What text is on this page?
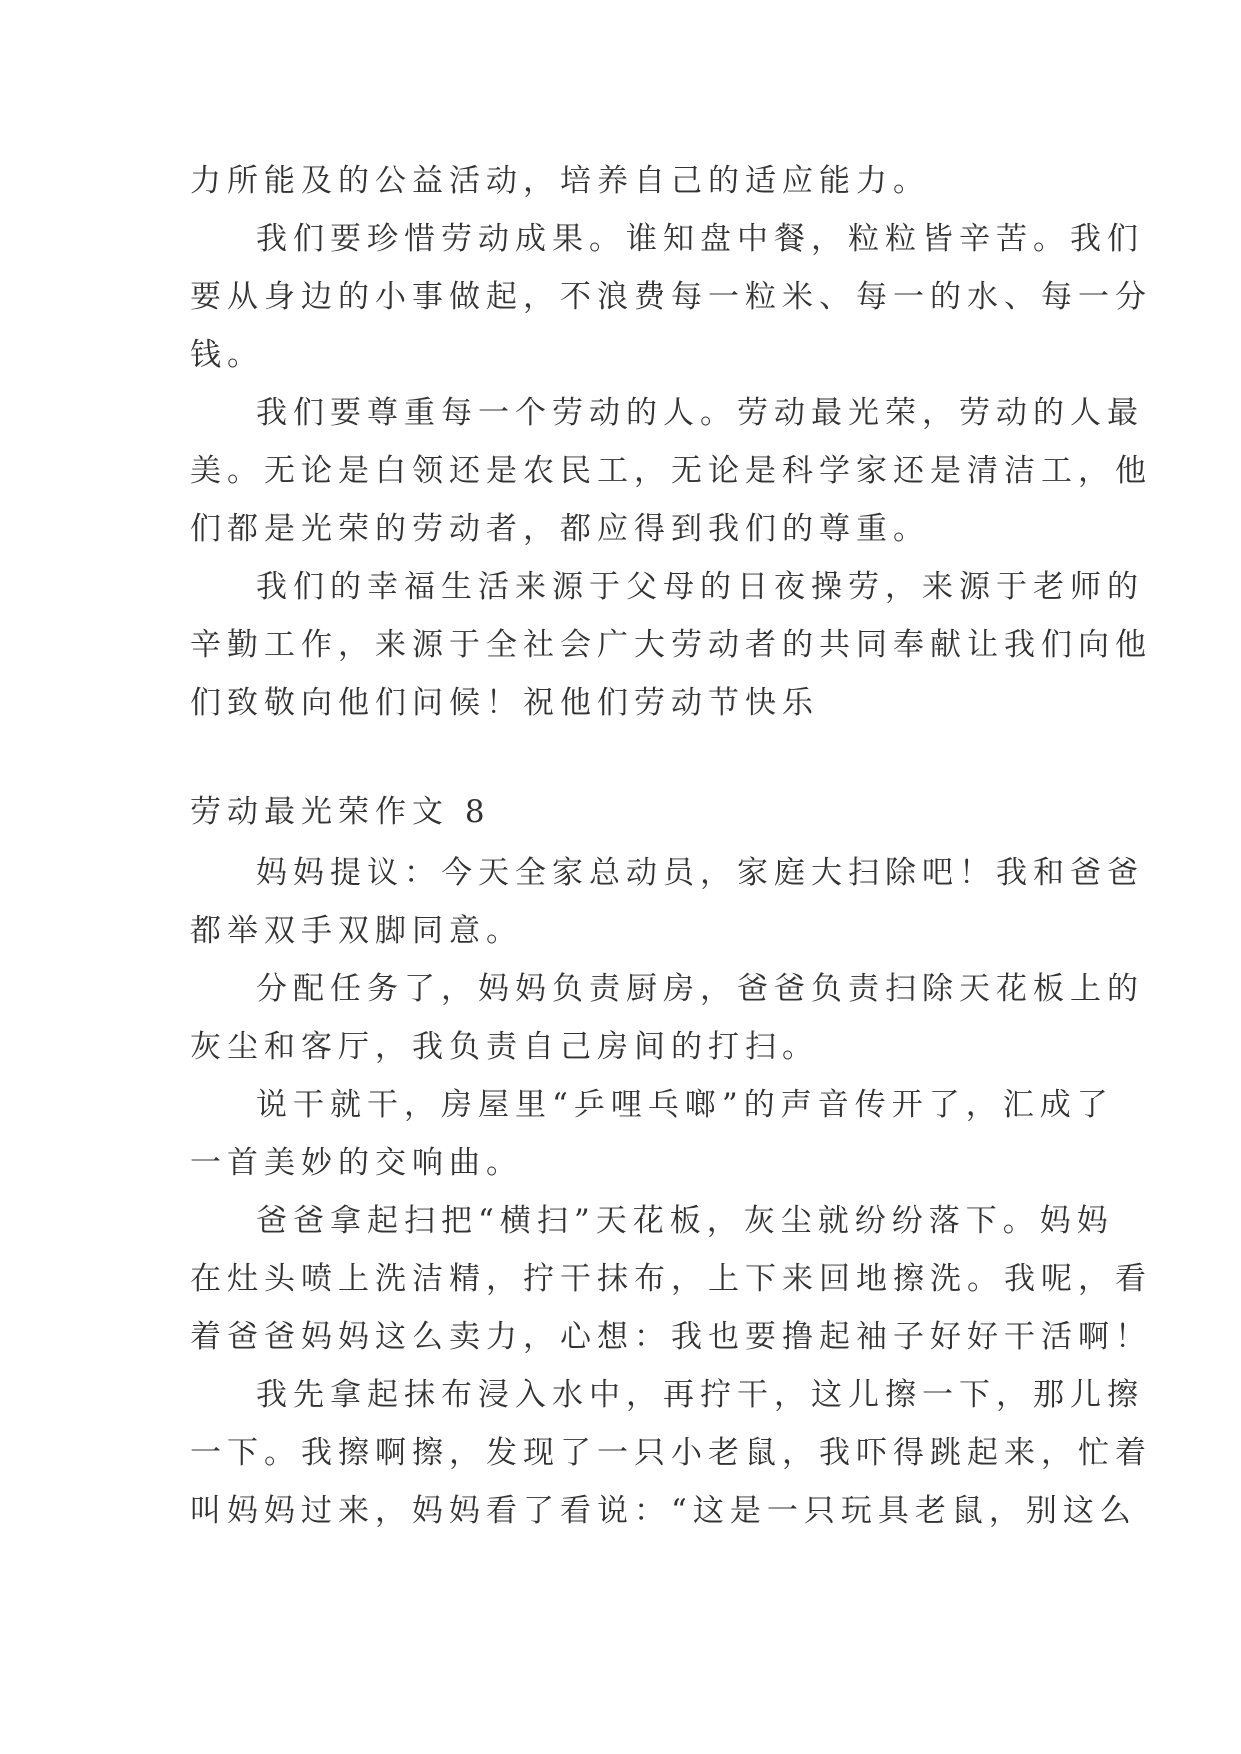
力所能及的公益活动，培养自己的适应能力。
我们要珍惜劳动成果。谁知盘中餐，粒粒皆辛苦。我们
要从身边的小事做起，不浪费每一粒米、每一的水、每一分
钱。
我们要尊重每一个劳动的人。劳动最光荣，劳动的人最
美。无论是白领还是农民工，无论是科学家还是清洁工，他
们都是光荣的劳动者，都应得到我们的尊重。
我们的幸福生活来源于父母的日夜操劳，来源于老师的
辛勤工作，来源于全社会广大劳动者的共同奉献让我们向他
们致敬向他们问候！祝他们劳动节快乐
劳动最光荣作文 8
妈妈提议：今天全家总动员，家庭大扫除吧！我和爸爸
都举双手双脚同意。
分配任务了，妈妈负责厨房，爸爸负责扫除天花板上的
灰尘和客厅，我负责自己房间的打扫。
说干就干，房屋里“乒哩乓啷”的声音传开了，汇成了
一首美妙的交响曲。
爸爸拿起扫把“横扫”天花板，灰尘就纷纷落下。妈妈
在灶头喷上洗洁精，拧干抹布，上下来回地擦洗。我呢，看
着爸爸妈妈这么卖力，心想：我也要撸起袖子好好干活啊！
我先拿起抹布浸入水中，再拧干，这儿擦一下，那儿擦
一下。我擦啊擦，发现了一只小老鼠，我吓得跳起来，忙着
叫妈妈过来，妈妈看了看说：“这是一只玩具老鼠，别这么
